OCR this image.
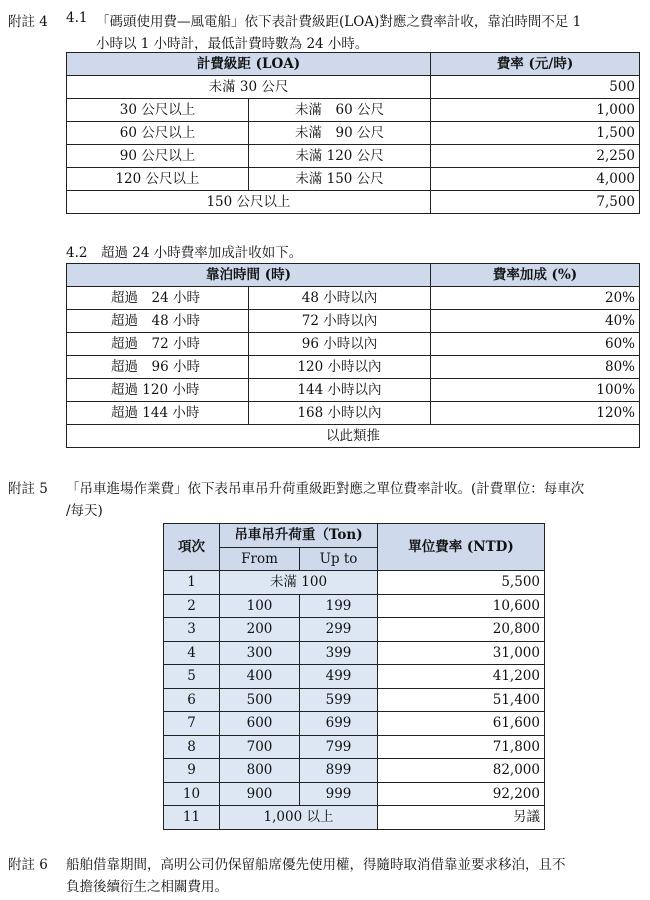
附註 4 4.1 「碼頭使用費—風電船」依下表計費級距(LOA)對應之費率計收，靠泊時間不足 1
小時以 1 小時計，最低計費時數為 24 小時。
計費級距 (LOA)		費率 (元/時)
未滿 30 公尺		500
30 公尺以上	未滿　60 公尺	1,000
60 公尺以上	未滿　90 公尺	1,500
90 公尺以上	未滿 120 公尺	2,250
120 公尺以上	未滿 150 公尺	4,000
150 公尺以上		7,500
4.2　超過 24 小時費率加成計收如下。
靠泊時間 (時)		費率加成 (%)
超過　24 小時	48 小時以內	20%
超過　48 小時	72 小時以內	40%
超過　72 小時	96 小時以內	60%
超過　96 小時	120 小時以內	80%
超過 120 小時	144 小時以內	100%
超過 144 小時	168 小時以內	120%
以此類推		
附註 5 「吊車進場作業費」依下表吊車吊升荷重級距對應之單位費率計收。(計費單位：每車次
/每天)
項次	吊車吊升荷重（Ton)		單位費率 (NTD)
	From	Up to	
1	未滿 100		5,500
2	100	199	10,600
3	200	299	20,800
4	300	399	31,000
5	400	499	41,200
6	500	599	51,400
7	600	699	61,600
8	700	799	71,800
9	800	899	82,000
10	900	999	92,200
11	1,000 以上		另議
附註 6 船舶借靠期間，高明公司仍保留船席優先使用權，得隨時取消借靠並要求移泊，且不
負擔後續衍生之相關費用。
